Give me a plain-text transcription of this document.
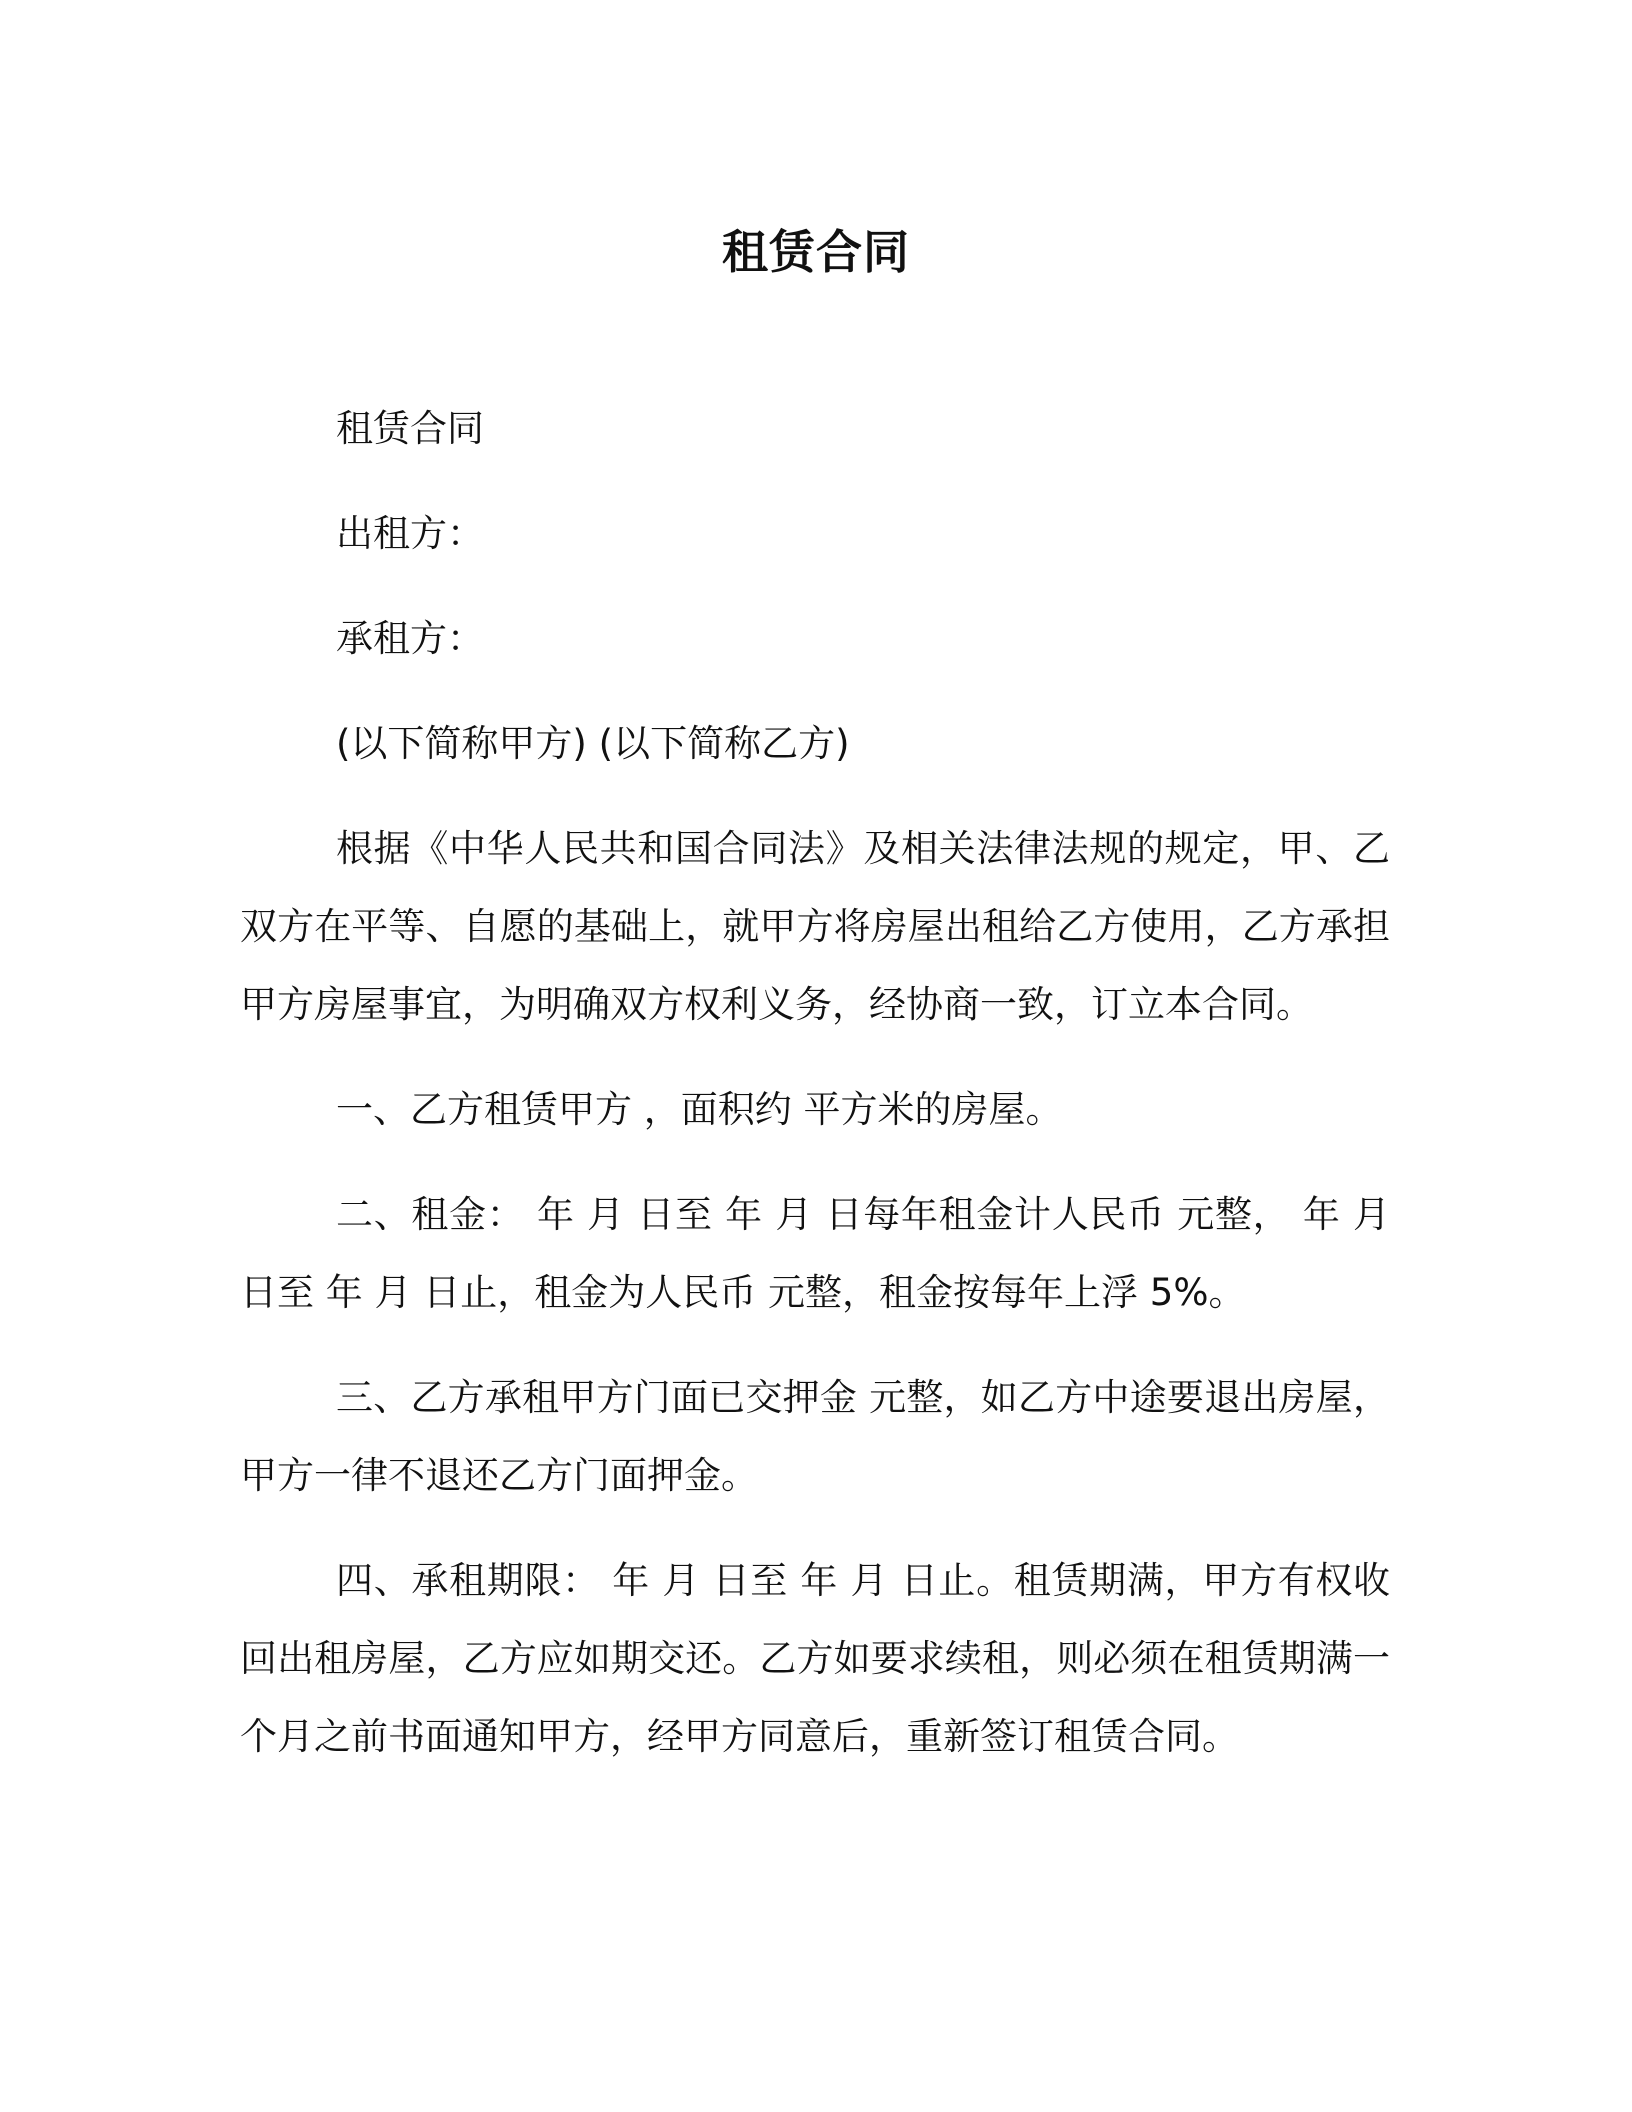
租赁合同

租赁合同

出租方：

承租方：

(以下简称甲方) (以下简称乙方)

根据《中华人民共和国合同法》及相关法律法规的规定，甲、乙双方在平等、自愿的基础上，就甲方将房屋出租给乙方使用，乙方承担甲方房屋事宜，为明确双方权利义务，经协商一致，订立本合同。

一、乙方租赁甲方 ，面积约 平方米的房屋。

二、租金： 年 月 日至 年 月 日每年租金计人民币 元整， 年 月 日至 年 月 日止，租金为人民币 元整，租金按每年上浮 5%。

三、乙方承租甲方门面已交押金 元整，如乙方中途要退出房屋，甲方一律不退还乙方门面押金。

四、承租期限： 年 月 日至 年 月 日止。租赁期满，甲方有权收回出租房屋，乙方应如期交还。乙方如要求续租，则必须在租赁期满一个月之前书面通知甲方，经甲方同意后，重新签订租赁合同。
